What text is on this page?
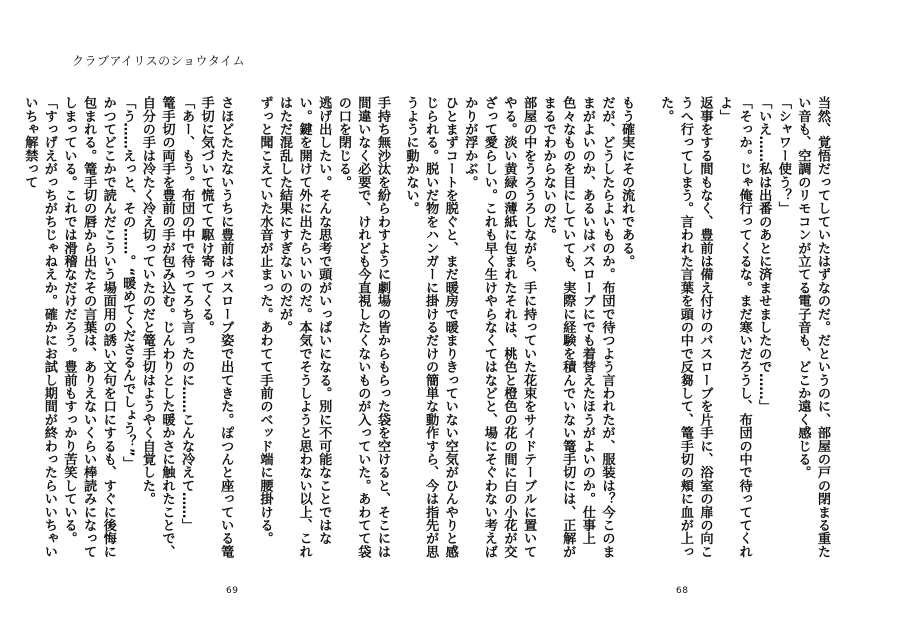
クラブアイリスのショウタイム

手持ち無沙汰を紛らわすように劇場の皆からもらった袋を空けると、そこには間違いなく必要で、けれども今直視したくないものが入っていた。あわてて袋の口を閉じる。

逃げ出したい。そんな思考で頭がいっぱいになる。別に不可能なことではない。鍵を開けて外に出たらいいのだ。本気でそうしようと思わない以上、これはただ混乱した結果にすぎないのだが。

ずっと聞こえていた水音が止まった。あわてて手前のベッド端に腰掛ける。

さほどたたないうちに豊前はバスローブ姿で出てきた。ぽつんと座っている篭手切に気づいて慌てて駆け寄ってくる。

「あー、もう。布団の中で待ってろち言ったのに……こんな冷えて……」

篭手切の両手を豊前の手が包み込む。じんわりとした暖かさに触れたことで、自分の手は冷たく冷え切っていたのだと篭手切はようやく自覚した。

「う……えっと、その……。“暖めてくださるんでしょう？”」

かつてどこかで読んだこういう場面用の誘い文句を口にするも、すぐに後悔に包まれる。篭手切の唇から出たその言葉は、ありえないくらい棒読みになってしまっている。これでは滑稽なだけだろう。豊前もすっかり苦笑している。

「すっげえがっちがちじゃねえか。確かにお試し期間が終わったらいいちゃいいちゃ解禁って

69

当然、覚悟だってしていたはずなのだ。だというのに、部屋の戸の閉まる重たい音も、空調のリモコンが立てる電子音も、どこか遠く感じる。

「シャワー使う？」

「いえ……私は出番のあとに済ませましたので……」

「そっか。じゃ俺行ってくるな。まだ寒いだろうし、布団の中で待っててくれよ」

返事をする間もなく、豊前は備え付けのバスローブを片手に、浴室の扉の向こうへ行ってしまう。言われた言葉を頭の中で反芻して、篭手切の頬に血が上った。

もう確実にその流れである。

だが、どうしたらよいものか。布団で待つよう言われたが、服装は？今このままがよいのか、あるいはバスローブにでも着替えたほうがよいのか。仕事上色々なものを目にしていても、実際に経験を積んでいない篭手切には、正解がまるでわからないのだ。

部屋の中をうろうろしながら、手に持っていた花束をサイドテーブルに置いてやる。淡い黄緑の薄紙に包まれたそれは、桃色と橙色の花の間に白の小花が交ざって愛らしい。これも早く生けやらなくてはなどと、場にそぐわない考えばかりが浮かぶ。

ひとまずコートを脱ぐと、まだ暖房で暖まりきっていない空気がひんやりと感じられる。脱いだ物をハンガーに掛けるだけの簡単な動作すら、今は指先が思うように動かない。

68
